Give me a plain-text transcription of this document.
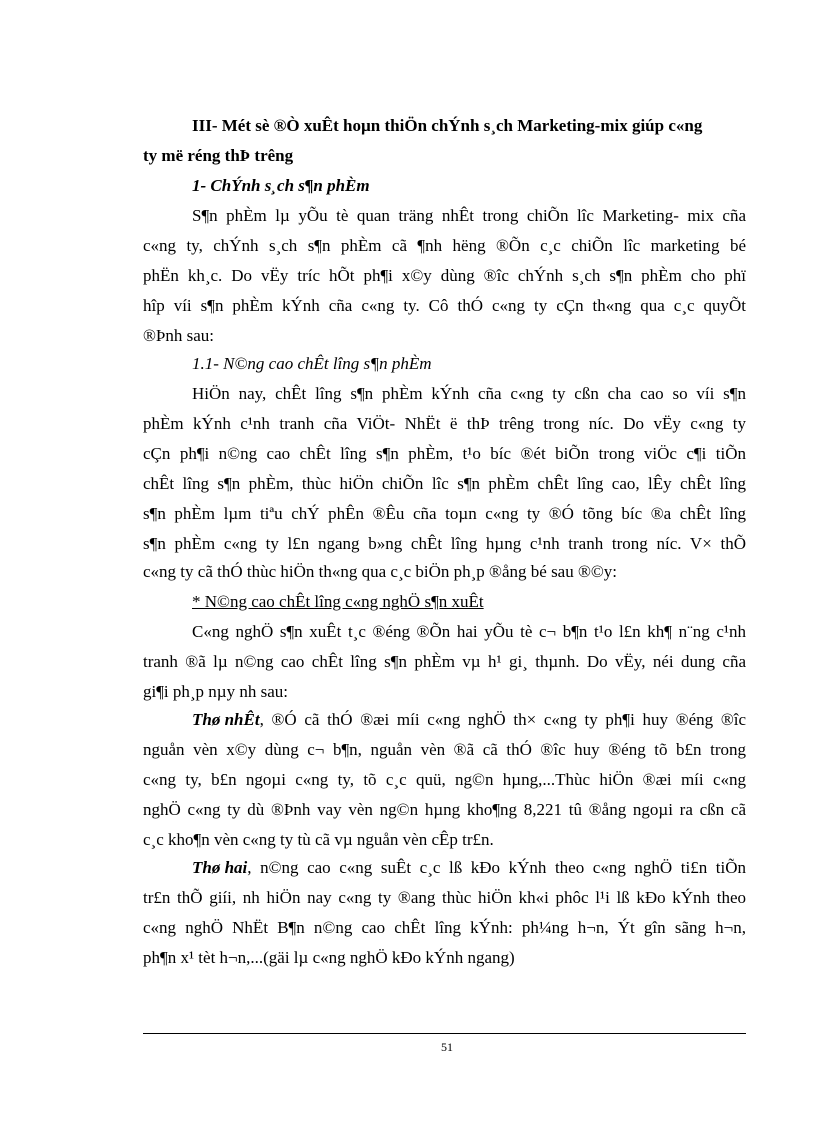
III- Mét sè ®Ò xuÊt hoµn thiÖn chÝnh s¸ch Marketing-mix giúp c«ng
ty më réng thÞ trêng
1- ChÝnh s¸ch s¶n phÈm
S¶n phÈm lµ yÕu tè quan träng nhÊt trong chiÕn lîc Marketing- mix cña
c«ng ty, chÝnh s¸ch s¶n phÈm cã ¶nh hëng ®Õn c¸c chiÕn lîc marketing bé
phËn kh¸c. Do vËy tríc hÕt ph¶i x©y dùng ®îc chÝnh s¸ch s¶n phÈm cho phï
hîp víi s¶n phÈm kÝnh cña c«ng ty. Cô thÓ c«ng ty cÇn th«ng qua c¸c quyÕt
®Þnh sau:
1.1- N©ng cao chÊt lîng s¶n phÈm
HiÖn nay, chÊt lîng s¶n phÈm kÝnh cña c«ng ty cßn cha cao so víi s¶n
phÈm kÝnh c¹nh tranh cña ViÖt- NhËt ë thÞ trêng trong níc. Do vËy c«ng ty
cÇn ph¶i n©ng cao chÊt lîng s¶n phÈm, t¹o bíc ®ét biÕn trong viÖc c¶i tiÕn
chÊt lîng s¶n phÈm, thùc hiÖn chiÕn lîc s¶n phÈm chÊt lîng cao, lÊy chÊt lîng
s¶n phÈm lµm tiªu chÝ phÊn ®Êu cña toµn c«ng ty ®Ó tõng bíc ®a chÊt lîng
s¶n phÈm c«ng ty l£n ngang b»ng chÊt lîng hµng c¹nh tranh trong níc. V× thÕ
c«ng ty cã thÓ thùc hiÖn th«ng qua c¸c biÖn ph¸p ®ång bé sau ®©y:
* N©ng cao chÊt lîng c«ng nghÖ s¶n xuÊt
C«ng nghÖ s¶n xuÊt t¸c ®éng ®Õn hai yÕu tè c¬ b¶n t¹o l£n kh¶ n¨ng c¹nh
tranh ®ã lµ n©ng cao chÊt lîng s¶n phÈm vµ h¹ gi¸ thµnh. Do vËy, néi dung cña
gi¶i ph¸p nµy nh sau:
Thø nhÊt , ®Ó cã thÓ ®æi míi c«ng nghÖ th× c«ng ty ph¶i huy ®éng ®îc
nguån vèn x©y dùng c¬ b¶n, nguån vèn ®ã cã thÓ ®îc huy ®éng tõ b£n trong
c«ng ty, b£n ngoµi c«ng ty, tõ c¸c quü, ng©n hµng,...Thùc hiÖn ®æi míi c«ng
nghÖ c«ng ty dù ®Þnh vay vèn ng©n hµng kho¶ng 8,221 tû ®ång ngoµi ra cßn cã
c¸c kho¶n vèn c«ng ty tù cã vµ nguån vèn cÊp tr£n.
Thø hai , n©ng cao c«ng suÊt c¸c lß kÐo kÝnh theo c«ng nghÖ ti£n tiÕn
tr£n thÕ giíi, nh hiÖn nay c«ng ty ®ang thùc hiÖn kh«i phôc l¹i lß kÐo kÝnh theo
c«ng nghÖ NhËt B¶n n©ng cao chÊt lîng kÝnh: ph¼ng h¬n, Ýt gîn sãng h¬n,
ph¶n x¹ tèt h¬n,...(gäi lµ c«ng nghÖ kÐo kÝnh ngang)
51
